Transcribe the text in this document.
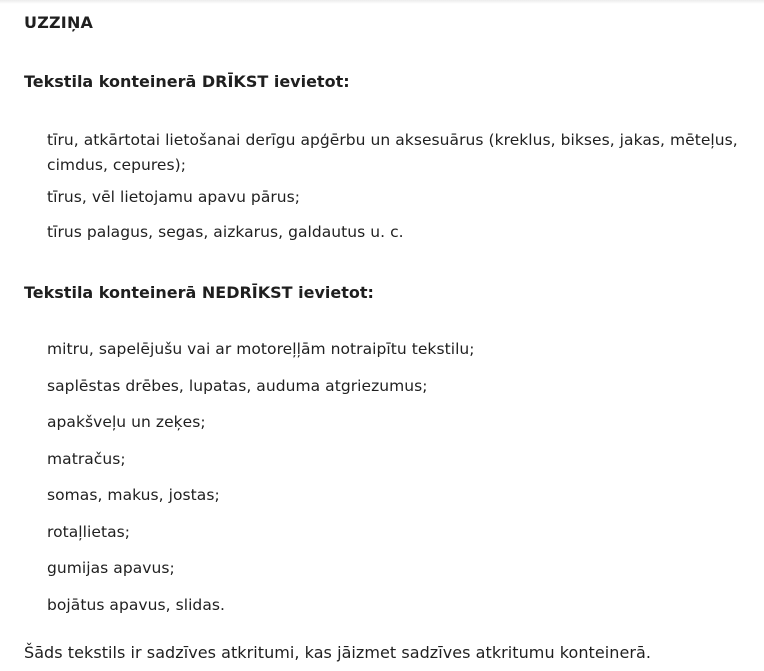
UZZIŅA
Tekstila konteinerā DRĪKST ievietot:
tīru, atkārtotai lietošanai derīgu apģērbu un aksesuārus (kreklus, bikses, jakas, mēteļus, cimdus, cepures);
tīrus, vēl lietojamu apavu pārus;
tīrus palagus, segas, aizkarus, galdautus u. c.
Tekstila konteinerā NEDRĪKST ievietot:
mitru, sapelējušu vai ar motoreļļām notraipītu tekstilu;
saplēstas drēbes, lupatas, auduma atgriezumus;
apakšveļu un zeķes;
matračus;
somas, makus, jostas;
rotaļlietas;
gumijas apavus;
bojātus apavus, slidas.
Šāds tekstils ir sadzīves atkritumi, kas jāizmet sadzīves atkritumu konteinerā.
